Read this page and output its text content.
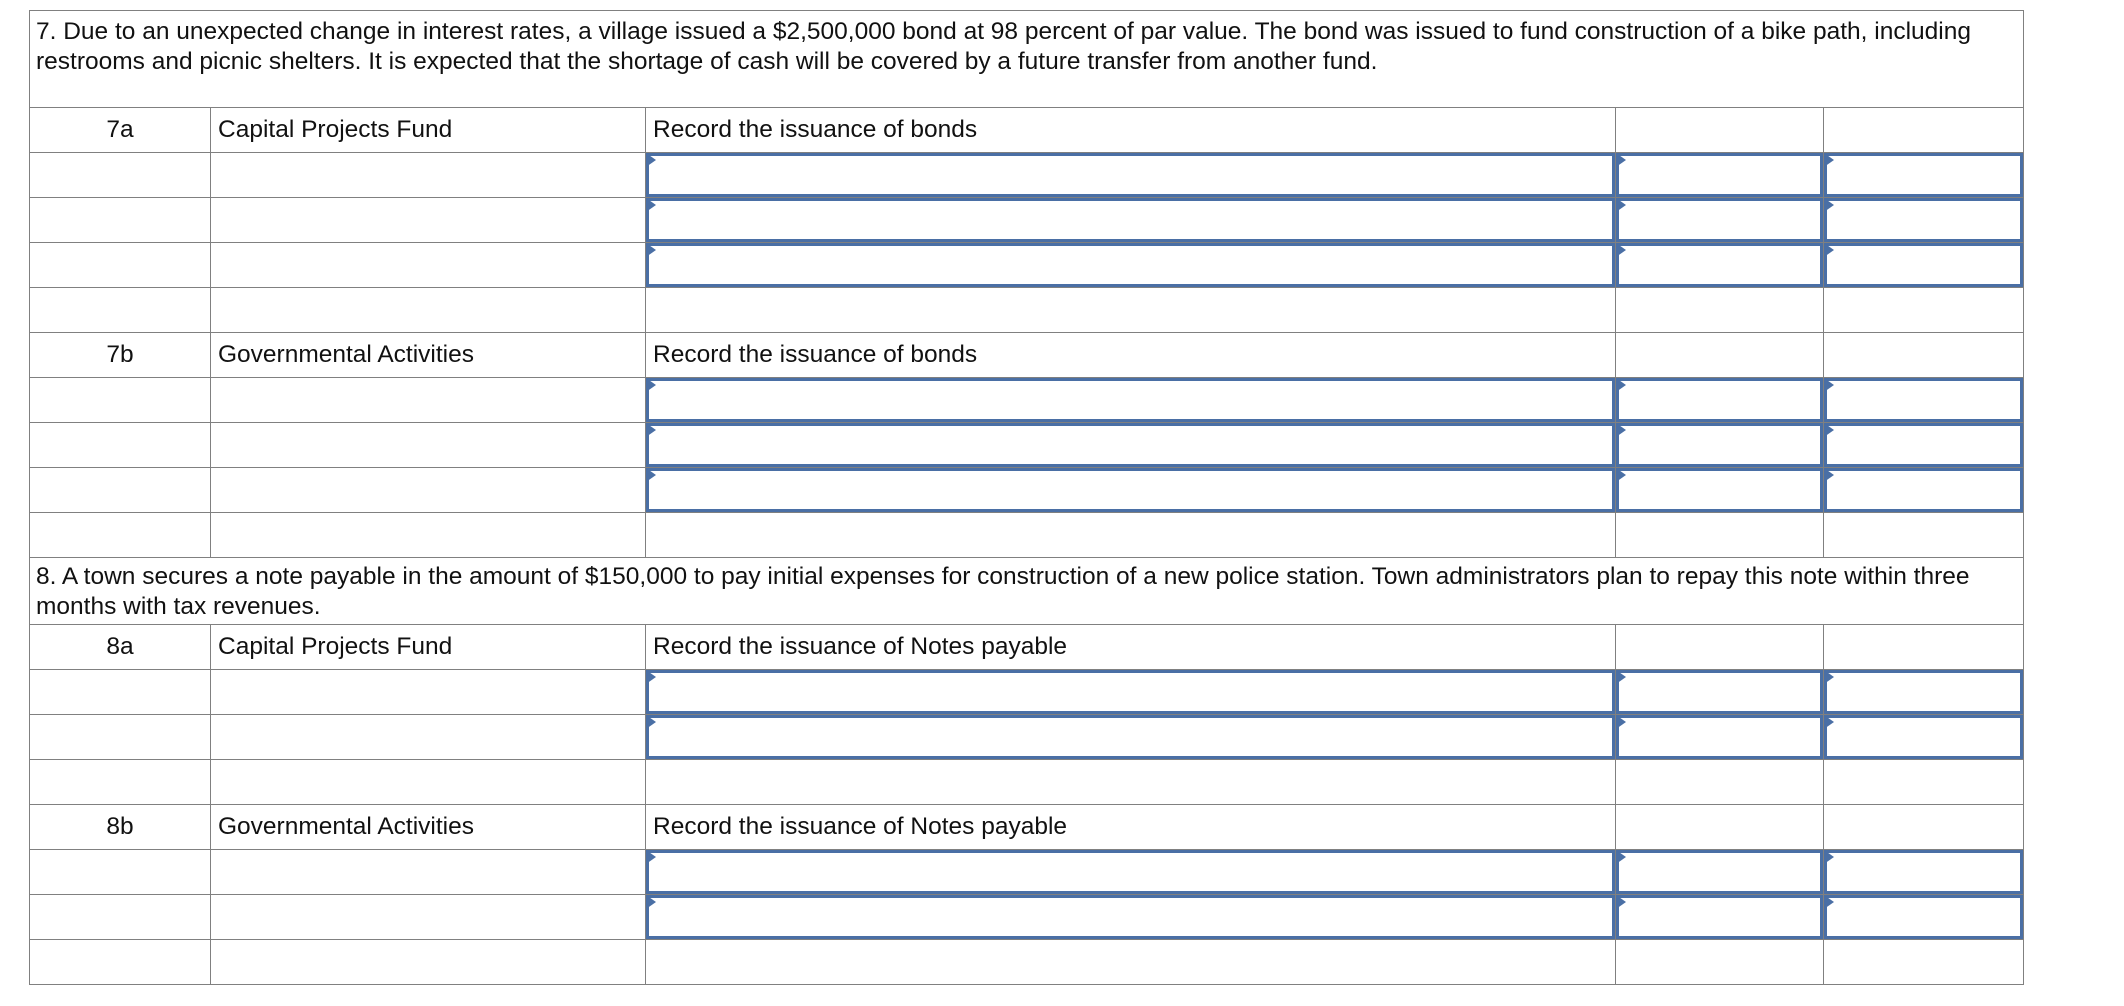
7. Due to an unexpected change in interest rates, a village issued a $2,500,000 bond at 98 percent of par value. The bond was issued to fund construction of a bike path, including restrooms and picnic shelters. It is expected that the shortage of cash will be covered by a future transfer from another fund.				
7a	Capital Projects Fund	Record the issuance of bonds		

7b	Governmental Activities	Record the issuance of bonds		

8. A town secures a note payable in the amount of $150,000 to pay initial expenses for construction of a new police station. Town administrators plan to repay this note within three months with tax revenues.				
8a	Capital Projects Fund	Record the issuance of Notes payable		

8b	Governmental Activities	Record the issuance of Notes payable		
